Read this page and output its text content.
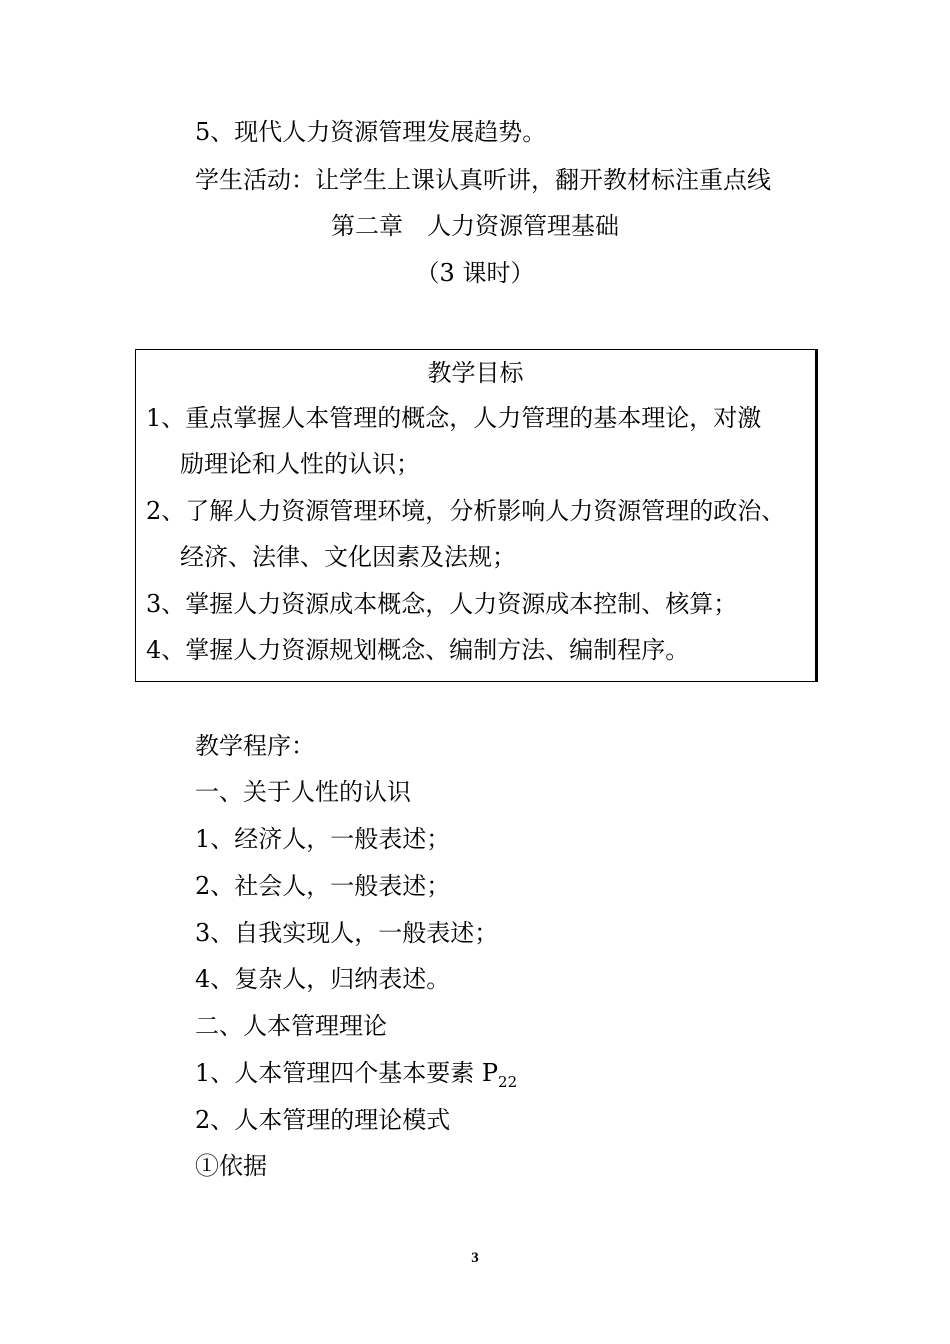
5、现代人力资源管理发展趋势。
学生活动：让学生上课认真听讲，翻开教材标注重点线
第二章　人力资源管理基础
（3 课时）
教学目标
1、重点掌握人本管理的概念，人力管理的基本理论，对激
励理论和人性的认识；
2、了解人力资源管理环境，分析影响人力资源管理的政治、
经济、法律、文化因素及法规；
3、掌握人力资源成本概念，人力资源成本控制、核算；
4、掌握人力资源规划概念、编制方法、编制程序。
教学程序：
一、关于人性的认识
1、经济人，一般表述；
2、社会人，一般表述；
3、自我实现人，一般表述；
4、复杂人，归纳表述。
二、人本管理理论
1、人本管理四个基本要素 $P_{22}$
2、人本管理的理论模式
①依据
3
